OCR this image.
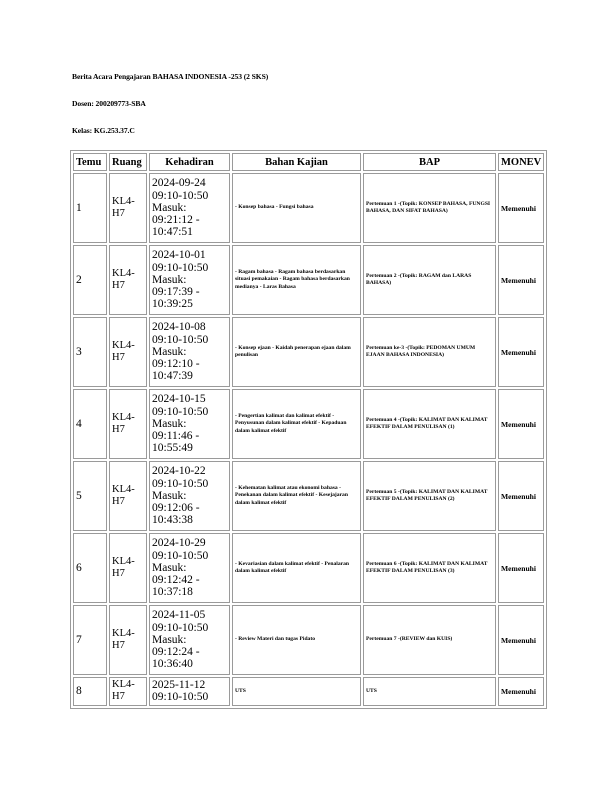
Berita Acara Pengajaran BAHASA INDONESIA -253 (2 SKS)
Dosen: 200209773-SBA
Kelas: KG.253.37.C
Temu	Ruang	Kehadiran	Bahan Kajian	BAP	MONEV
1	KL4-H7	2024-09-24
09:10-10:50
Masuk:
09:21:12 -
10:47:51	- Konsep bahasa - Fungsi bahasa	Pertemuan 1 -(Topik: KONSEP BAHASA, FUNGSI BAHASA, DAN SIFAT BAHASA)	Memenuhi
2	KL4-H7	2024-10-01
09:10-10:50
Masuk:
09:17:39 -
10:39:25	- Ragam bahasa - Ragam bahasa berdasarkan situasi pemakaian - Ragam bahasa berdasarkan medianya - Laras Bahasa	Pertemuan 2 -(Topik: RAGAM dan LARAS BAHASA)	Memenuhi
3	KL4-H7	2024-10-08
09:10-10:50
Masuk:
09:12:10 -
10:47:39	- Konsep ejaan - Kaidah penerapan ejaan dalam penulisan	Pertemuan ke-3 -(Topik: PEDOMAN UMUM EJAAN BAHASA INDONESIA)	Memenuhi
4	KL4-H7	2024-10-15
09:10-10:50
Masuk:
09:11:46 -
10:55:49	- Pengertian kalimat dan kalimat efektif - Penyusunan dalam kalimat efektif - Kepaduan dalam kalimat efektif	Pertemuan 4 -(Topik: KALIMAT DAN KALIMAT EFEKTIF DALAM PENULISAN (1)	Memenuhi
5	KL4-H7	2024-10-22
09:10-10:50
Masuk:
09:12:06 -
10:43:38	- Kehematan kalimat atau ekonomi bahasa - Penekanan dalam kalimat efektif - Kesejajaran dalam kalimat efektif	Pertemuan 5 -(Topik: KALIMAT DAN KALIMAT EFEKTIF DALAM PENULISAN (2)	Memenuhi
6	KL4-H7	2024-10-29
09:10-10:50
Masuk:
09:12:42 -
10:37:18	- Kevariasian dalam kalimat efektif - Penalaran dalam kalimat efektif	Pertemuan 6 -(Topik: KALIMAT DAN KALIMAT EFEKTIF DALAM PENULISAN (3)	Memenuhi
7	KL4-H7	2024-11-05
09:10-10:50
Masuk:
09:12:24 -
10:36:40	- Review Materi dan tugas Pidato	Pertemuan 7 -(REVIEW dan KUIS)	Memenuhi
8	KL4-H7	2025-11-12
09:10-10:50	UTS	UTS	Memenuhi
